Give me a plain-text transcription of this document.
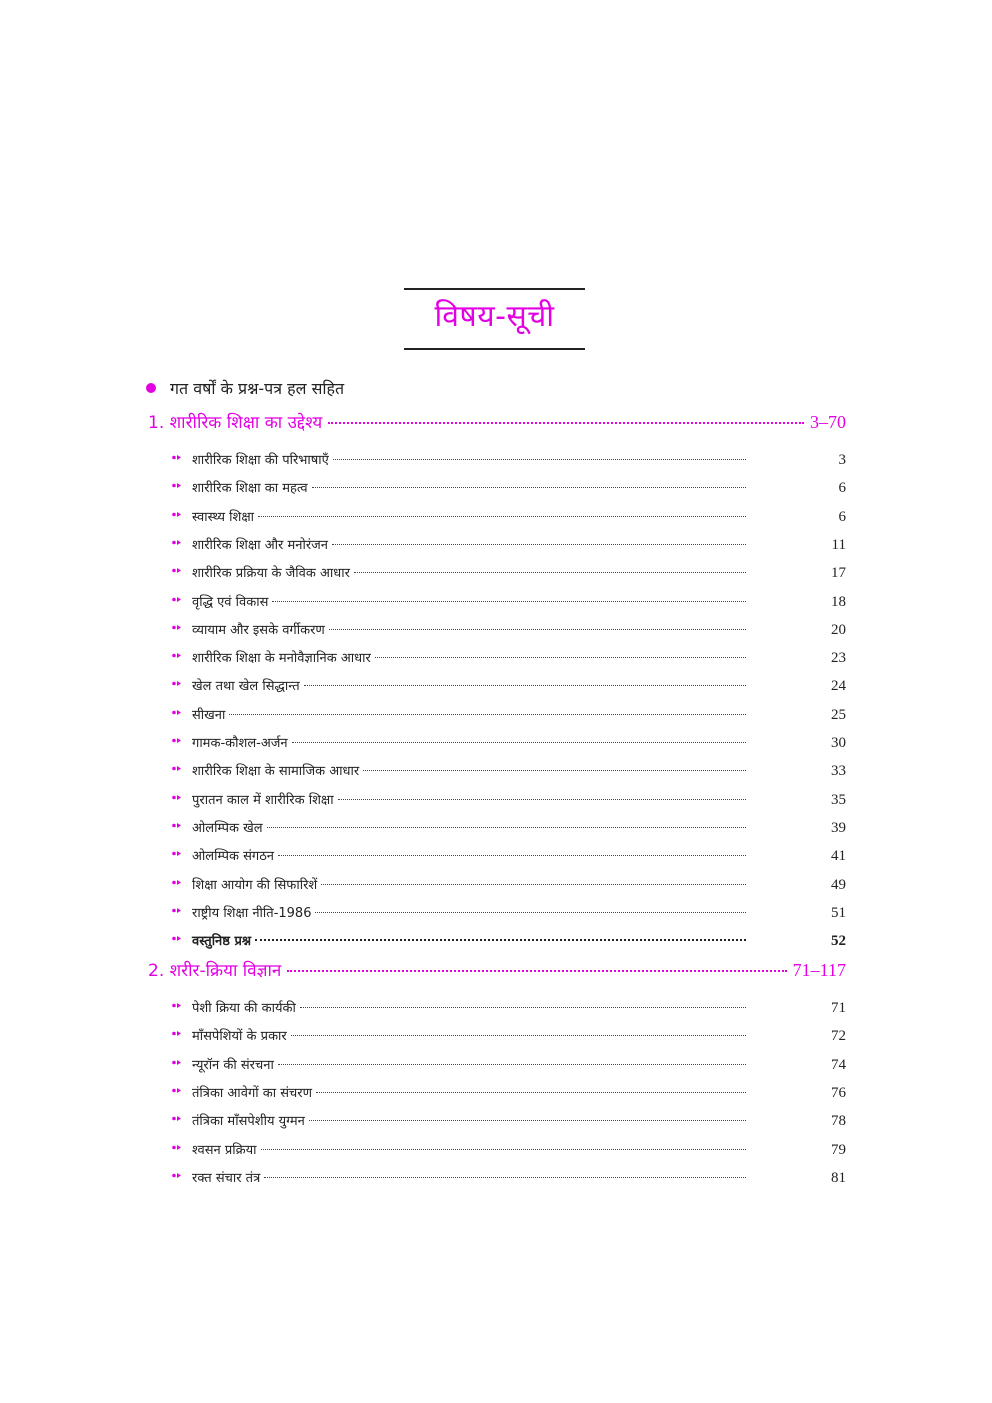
विषय-सूची
गत वर्षों के प्रश्न-पत्र हल सहित
1. शारीरिक शिक्षा का उद्देश्य	3–70
शारीरिक शिक्षा की परिभाषाएँ	3
शारीरिक शिक्षा का महत्व	6
स्वास्थ्य शिक्षा	6
शारीरिक शिक्षा और मनोरंजन	11
शारीरिक प्रक्रिया के जैविक आधार	17
वृद्धि एवं विकास	18
व्यायाम और इसके वर्गीकरण	20
शारीरिक शिक्षा के मनोवैज्ञानिक आधार	23
खेल तथा खेल सिद्धान्त	24
सीखना	25
गामक-कौशल-अर्जन	30
शारीरिक शिक्षा के सामाजिक आधार	33
पुरातन काल में शारीरिक शिक्षा	35
ओलम्पिक खेल	39
ओलम्पिक संगठन	41
शिक्षा आयोग की सिफारिशें	49
राष्ट्रीय शिक्षा नीति-1986	51
वस्तुनिष्ठ प्रश्न	52
2. शरीर-क्रिया विज्ञान	71–117
पेशी क्रिया की कार्यकी	71
माँसपेशियों के प्रकार	72
न्यूरॉन की संरचना	74
तंत्रिका आवेगों का संचरण	76
तंत्रिका माँसपेशीय युग्मन	78
श्वसन प्रक्रिया	79
रक्त संचार तंत्र	81
